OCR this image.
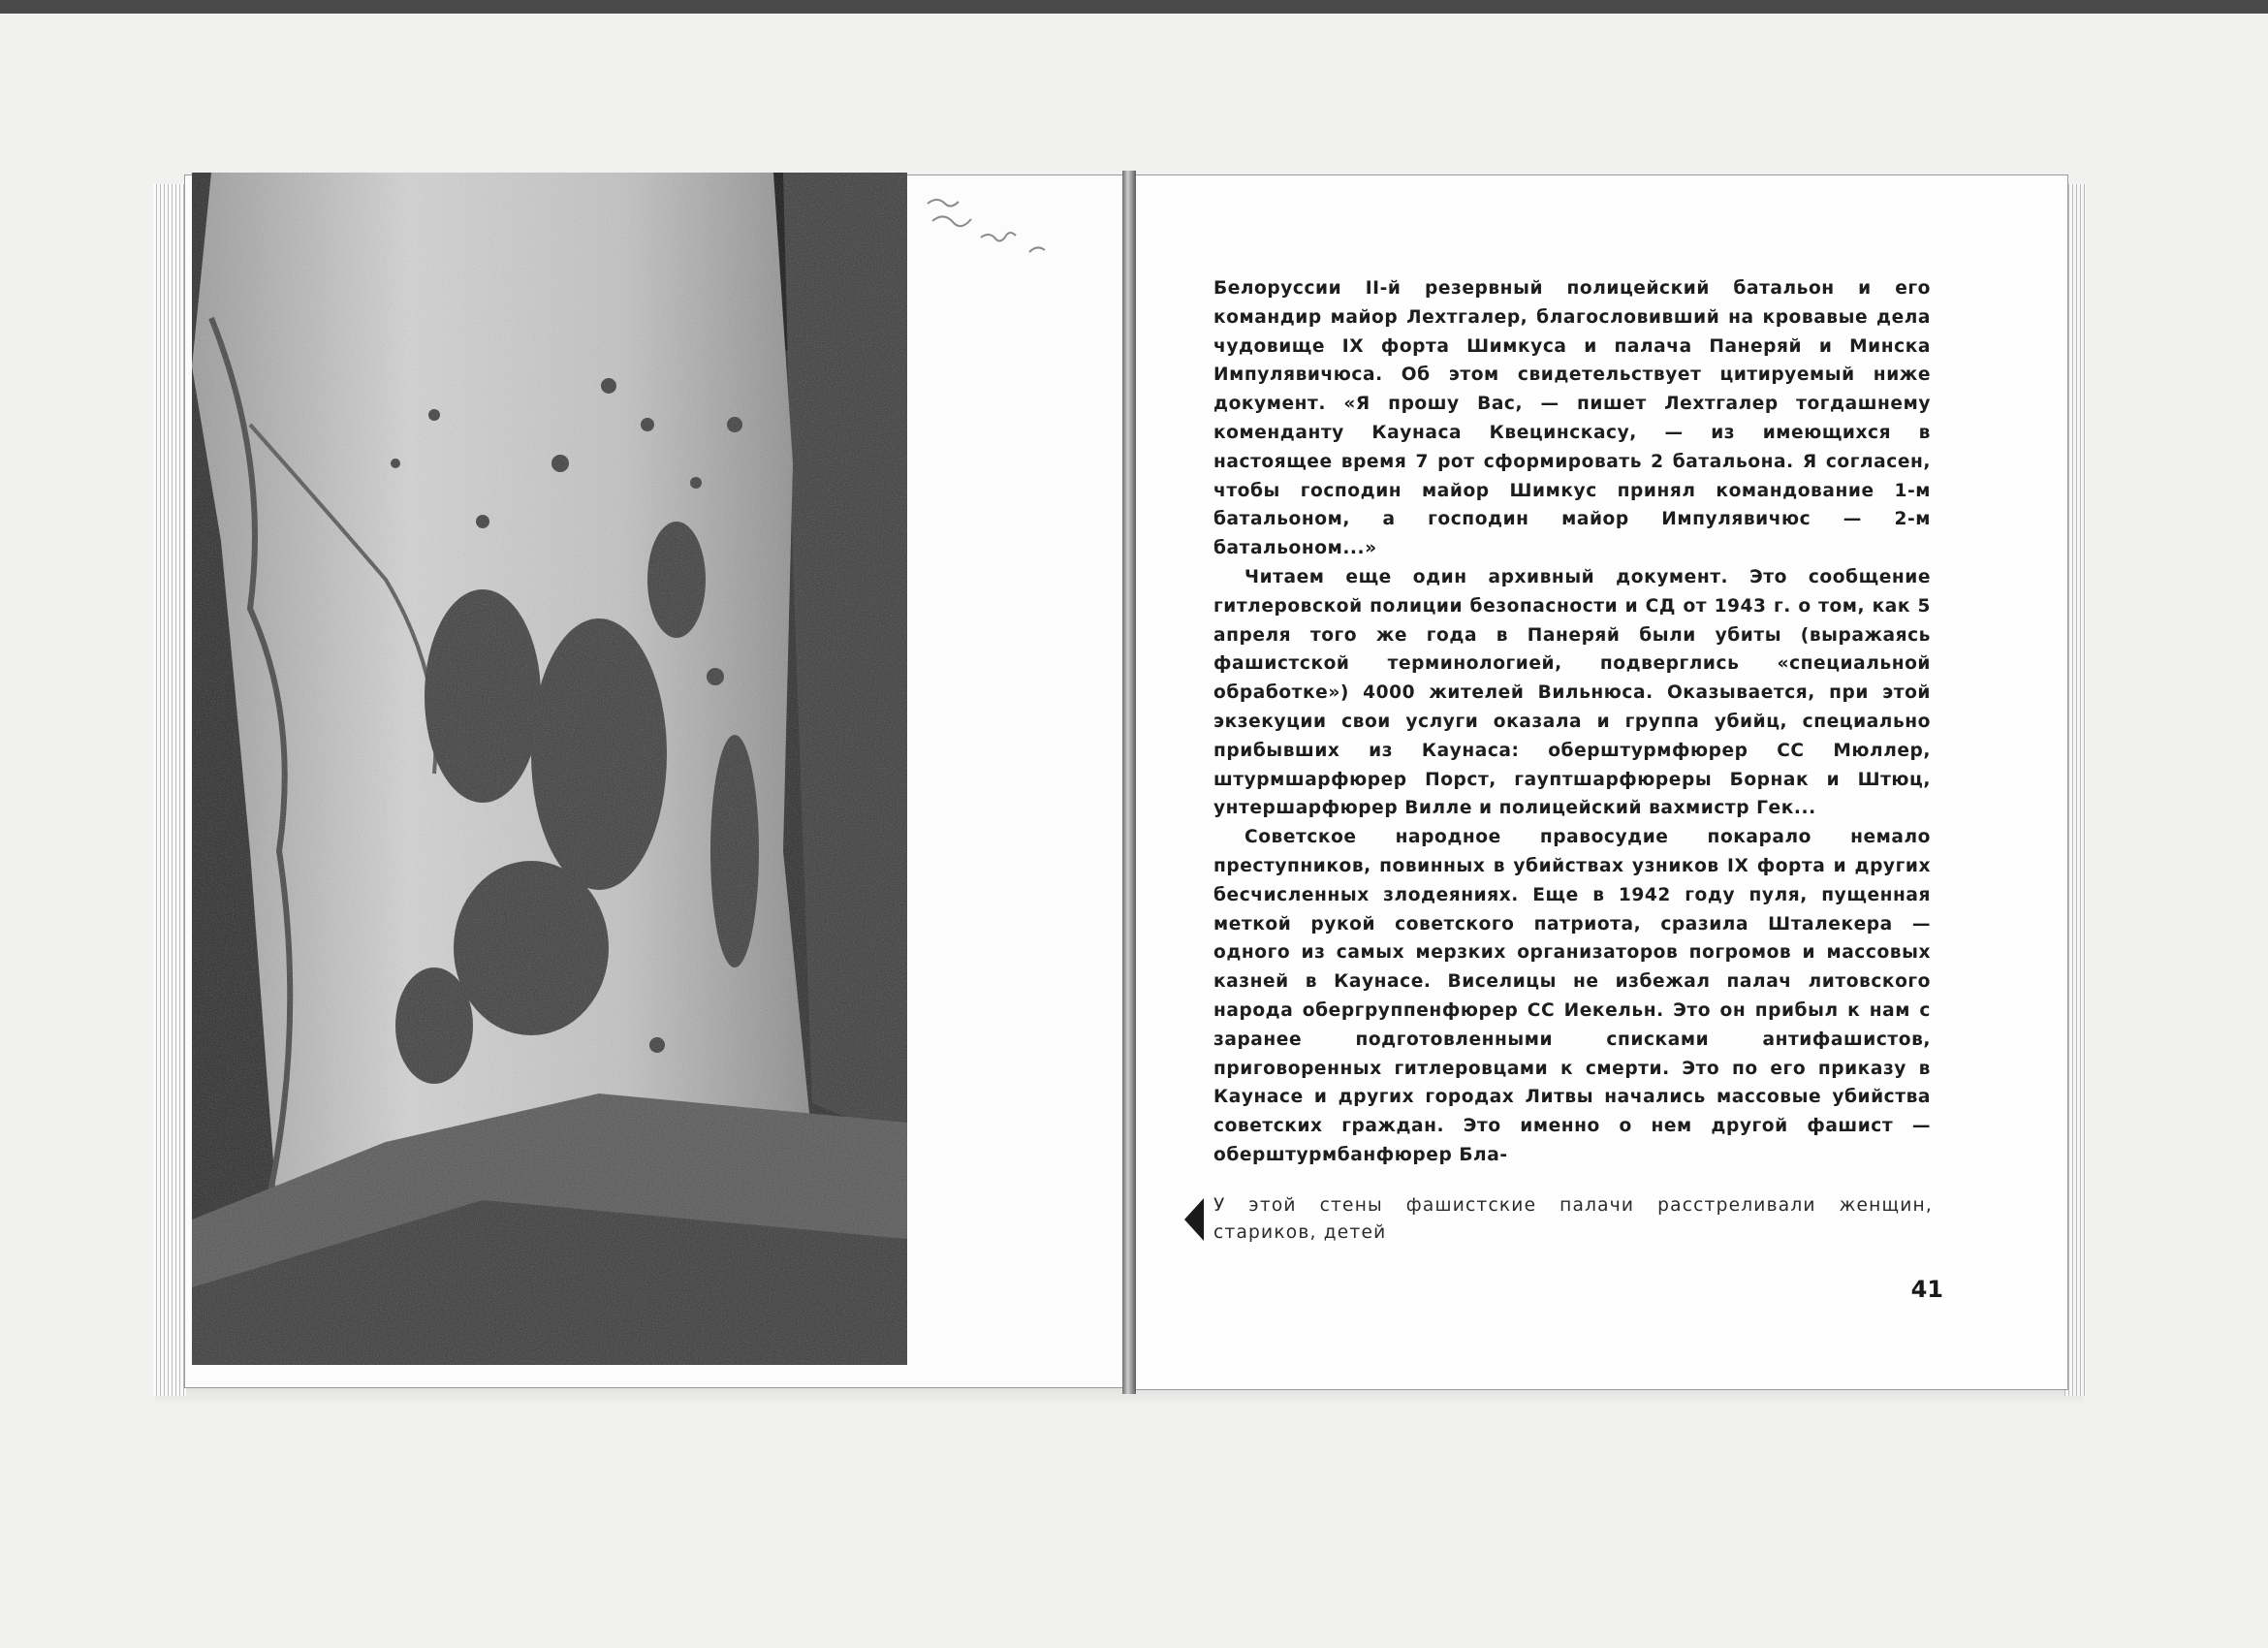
Белоруссии II-й резервный полицейский батальон и его командир майор Лехтгалер, благословивший на кровавые дела чудовище IX форта Шимкуса и палача Панеряй и Минска Импулявичюса. Об этом свидетельствует цитируемый ниже документ. «Я прошу Вас, — пишет Лехтгалер тогдашнему коменданту Каунаса Квецинскасу, — из имеющихся в настоящее время 7 рот сформировать 2 батальона. Я согласен, чтобы господин майор Шимкус принял командование 1-м батальоном, а господин майор Импулявичюс — 2-м батальоном...»

Читаем еще один архивный документ. Это сообщение гитлеровской полиции безопасности и СД от 1943 г. о том, как 5 апреля того же года в Панеряй были убиты (выражаясь фашистской терминологией, подверглись «специальной обработке») 4000 жителей Вильнюса. Оказывается, при этой экзекуции свои услуги оказала и группа убийц, специально прибывших из Каунаса: оберштурмфюрер СС Мюллер, штурмшарфюрер Порст, гауптшарфюреры Борнак и Штюц, унтершарфюрер Вилле и полицейский вахмистр Гек...

Советское народное правосудие покарало немало преступников, повинных в убийствах узников IX форта и других бесчисленных злодеяниях. Еще в 1942 году пуля, пущенная меткой рукой советского патриота, сразила Шталекера — одного из самых мерзких организаторов погромов и массовых казней в Каунасе. Виселицы не избежал палач литовского народа обергруппенфюрер СС Иекельн. Это он прибыл к нам с заранее подготовленными списками антифашистов, приговоренных гитлеровцами к смерти. Это по его приказу в Каунасе и других городах Литвы начались массовые убийства советских граждан. Это именно о нем другой фашист — оберштурмбанфюрер Бла-

У этой стены фашистские палачи расстреливали женщин, стариков, детей
41
